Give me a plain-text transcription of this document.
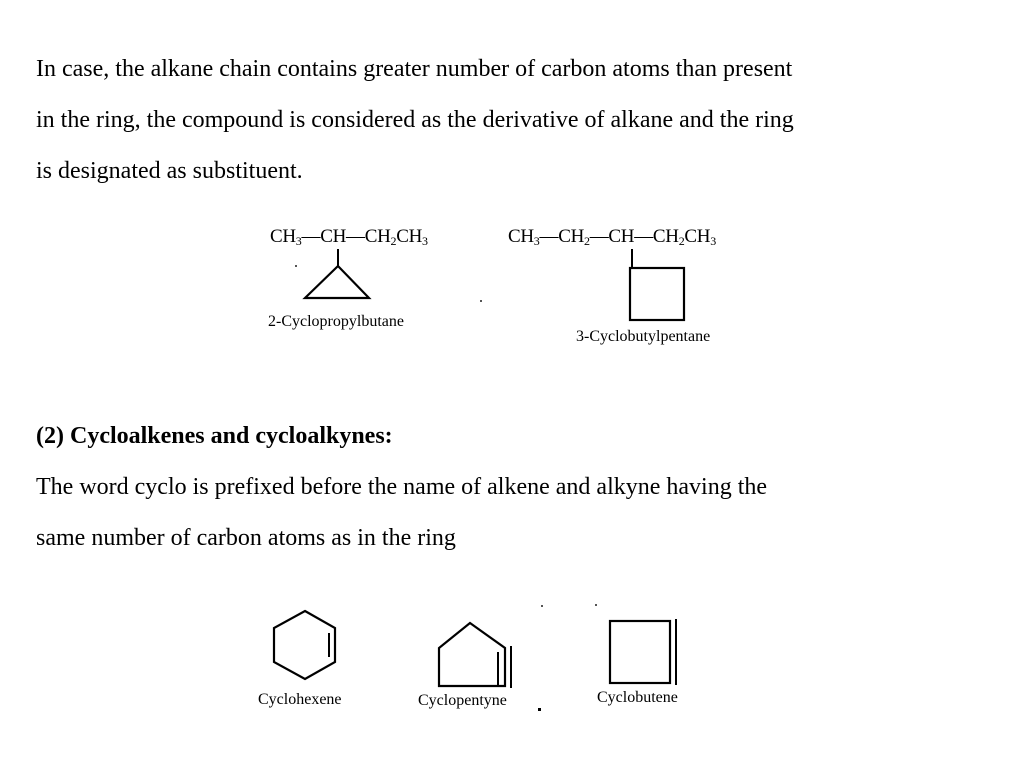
In case, the alkane chain contains greater number of carbon atoms than present
in the ring, the compound is considered as the derivative of alkane and the ring
is designated as substituent.
$CH_3—CH—CH_2CH_3$
2-Cyclopropylbutane
$CH_3—CH_2—CH—CH_2CH_3$
3-Cyclobutylpentane
(2) Cycloalkenes and cycloalkynes:
The word cyclo is prefixed before the name of alkene and alkyne having the
same number of carbon atoms as in the ring
Cyclohexene	Cyclopentyne	Cyclobutene
